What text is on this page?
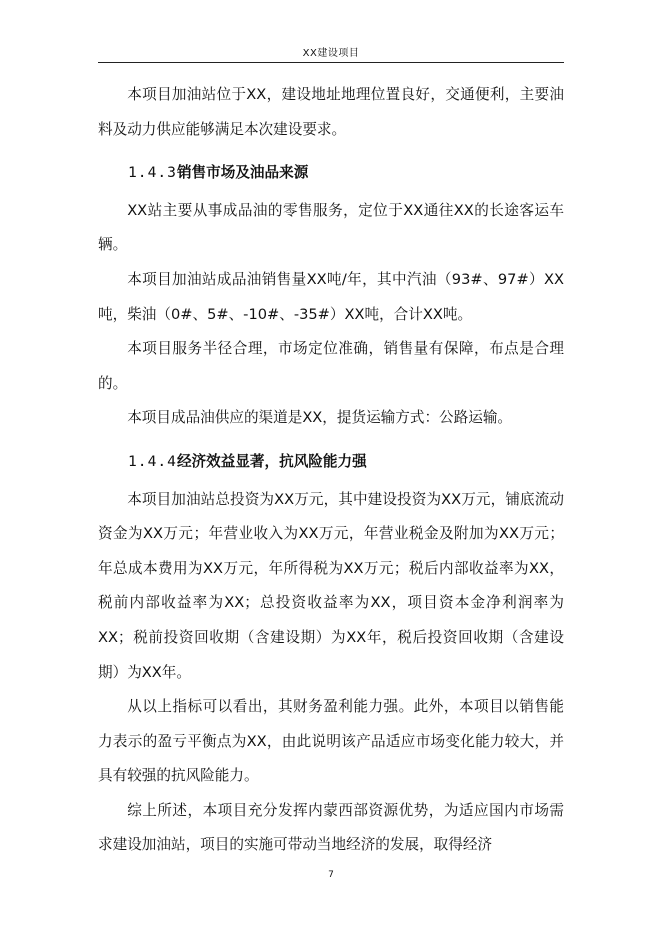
XX建设项目

本项目加油站位于XX，建设地址地理位置良好，交通便利，主要油料及动力供应能够满足本次建设要求。

1.4.3销售市场及油品来源

XX站主要从事成品油的零售服务，定位于XX通往XX的长途客运车辆。

本项目加油站成品油销售量XX吨/年，其中汽油（93#、97#）XX吨，柴油（0#、5#、-10#、-35#）XX吨，合计XX吨。

本项目服务半径合理，市场定位准确，销售量有保障，布点是合理的。

本项目成品油供应的渠道是XX，提货运输方式：公路运输。

1.4.4经济效益显著，抗风险能力强

本项目加油站总投资为XX万元，其中建设投资为XX万元，铺底流动资金为XX万元；年营业收入为XX万元，年营业税金及附加为XX万元；年总成本费用为XX万元，年所得税为XX万元；税后内部收益率为XX，税前内部收益率为XX；总投资收益率为XX，项目资本金净利润率为XX；税前投资回收期（含建设期）为XX年，税后投资回收期（含建设期）为XX年。

从以上指标可以看出，其财务盈利能力强。此外，本项目以销售能力表示的盈亏平衡点为XX，由此说明该产品适应市场变化能力较大，并具有较强的抗风险能力。

综上所述，本项目充分发挥内蒙西部资源优势，为适应国内市场需求建设加油站，项目的实施可带动当地经济的发展，取得经济

7
